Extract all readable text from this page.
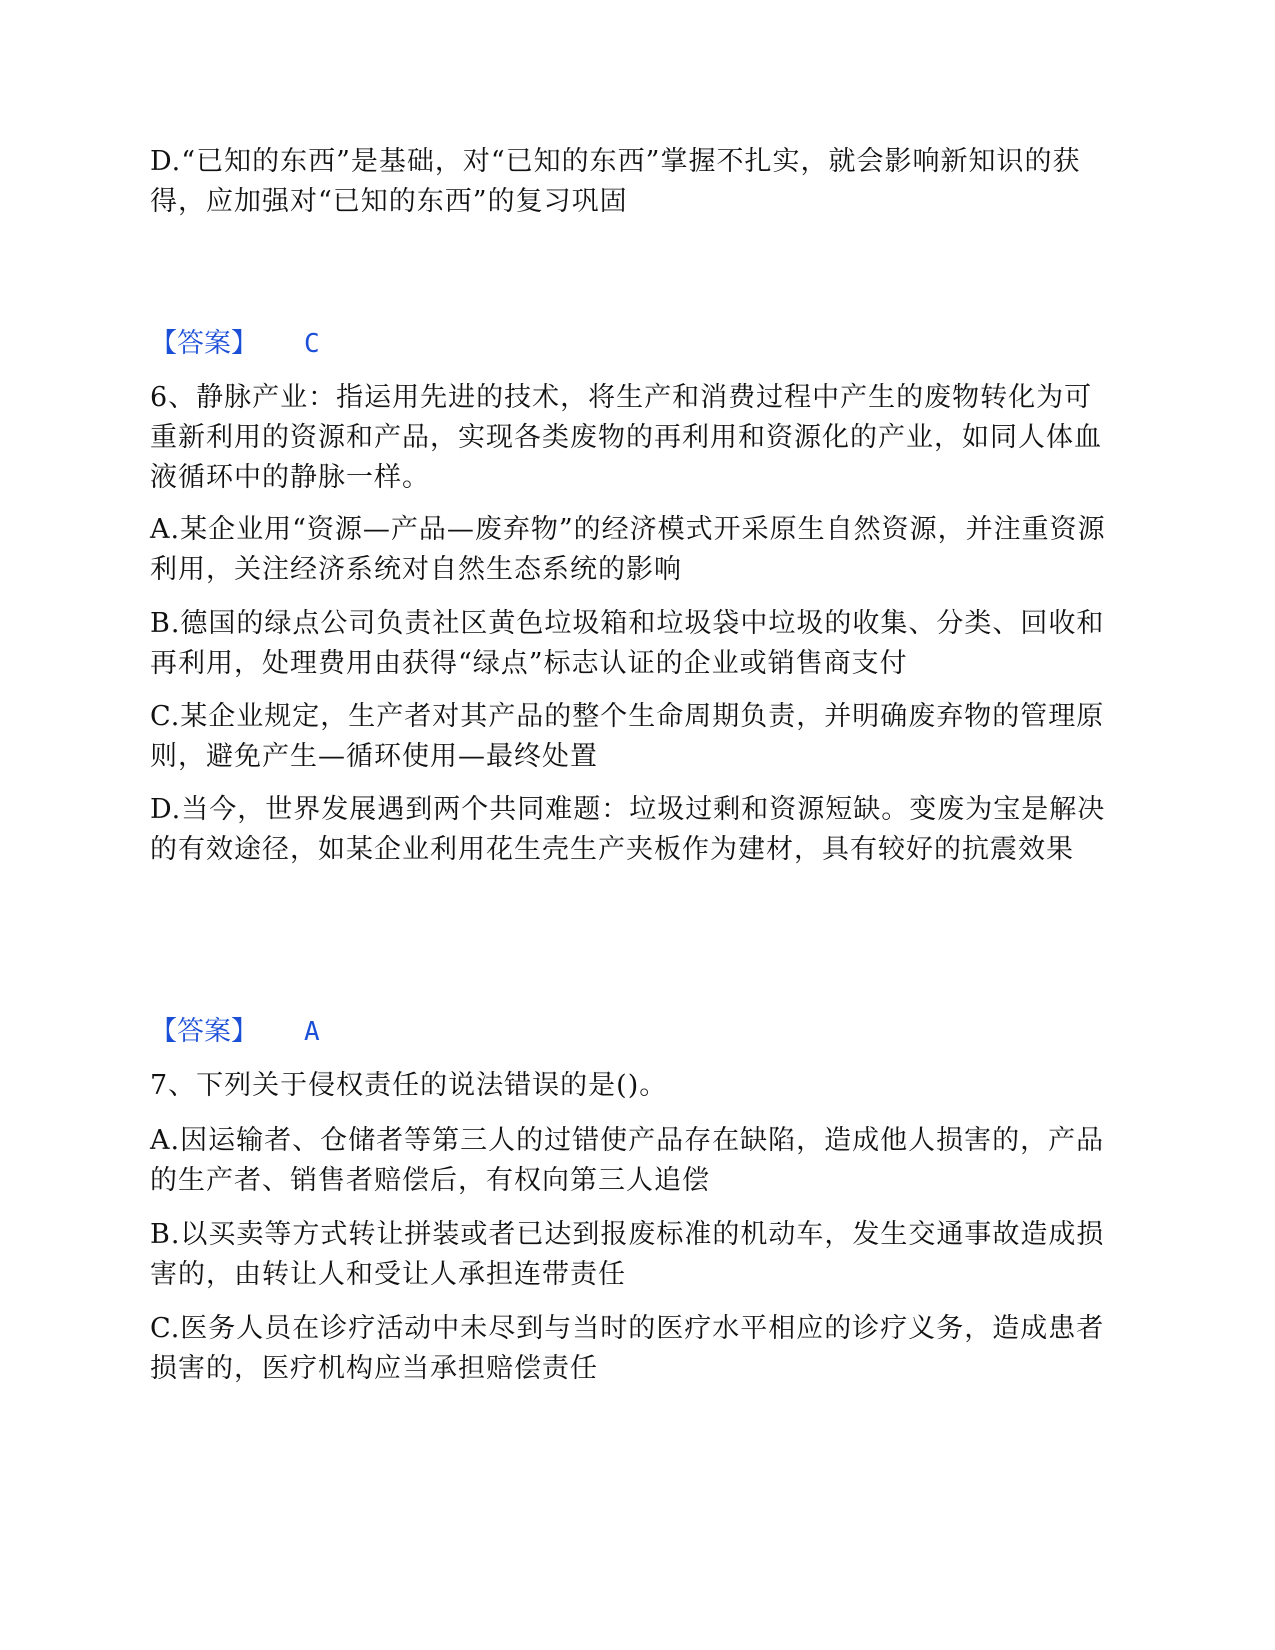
D.“已知的东西”是基础，对“已知的东西”掌握不扎实，就会影响新知识的获得，应加强对“已知的东西”的复习巩固
【答案】 C
6、静脉产业：指运用先进的技术，将生产和消费过程中产生的废物转化为可重新利用的资源和产品，实现各类废物的再利用和资源化的产业，如同人体血液循环中的静脉一样。
A.某企业用“资源—产品—废弃物”的经济模式开采原生自然资源，并注重资源利用，关注经济系统对自然生态系统的影响
B.德国的绿点公司负责社区黄色垃圾箱和垃圾袋中垃圾的收集、分类、回收和再利用，处理费用由获得“绿点”标志认证的企业或销售商支付
C.某企业规定，生产者对其产品的整个生命周期负责，并明确废弃物的管理原则，避免产生—循环使用—最终处置
D.当今，世界发展遇到两个共同难题：垃圾过剩和资源短缺。变废为宝是解决的有效途径，如某企业利用花生壳生产夹板作为建材，具有较好的抗震效果
【答案】 A
7、下列关于侵权责任的说法错误的是()。
A.因运输者、仓储者等第三人的过错使产品存在缺陷，造成他人损害的，产品的生产者、销售者赔偿后，有权向第三人追偿
B.以买卖等方式转让拼装或者已达到报废标准的机动车，发生交通事故造成损害的，由转让人和受让人承担连带责任
C.医务人员在诊疗活动中未尽到与当时的医疗水平相应的诊疗义务，造成患者损害的，医疗机构应当承担赔偿责任
